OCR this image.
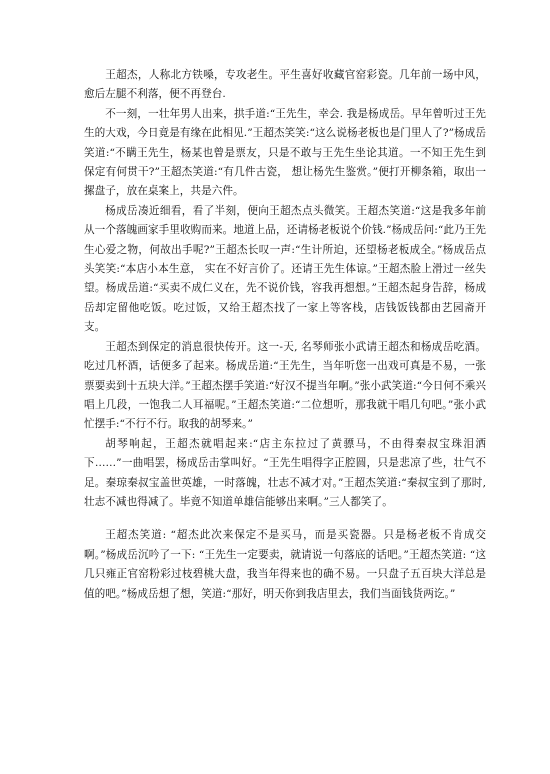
王超杰，人称北方铁嗓，专攻老生。平生喜好收藏官窑彩瓷。几年前一场中风，愈后左腿不利落，便不再登台.

不一刻，一壮年男人出来，拱手道:“王先生，幸会. 我是杨成岳。早年曾听过王先生的大戏，今日竟是有缘在此相见.”王超杰笑笑:“这么说杨老板也是门里人了?”杨成岳笑道:“不瞒王先生，杨某也曾是票友，只是不敢与王先生坐论其道。一不知王先生到保定有何贯干?”王超杰笑道:“有几件古瓷， 想让杨先生鉴赏。”便打开柳条箱，取出一摞盘子，放在桌案上，共是六件。

杨成岳凑近细看，看了半刻，便向王超杰点头微笑。王超杰笑道:“这是我多年前从一个落魄画家手里收购而来。地道上品，还请杨老板说个价钱.”杨成岳问:“此乃王先生心爱之物，何故出手呢?”王超杰长叹一声:“生计所迫，还望杨老板成全。”杨成岳点头笑笑:“本店小本生意， 实在不好言价了。还请王先生体谅。”王超杰脸上滑过一丝失望。杨成岳道:“买卖不成仁义在，先不说价钱，容我再想想。”王超杰起身告辞，杨成岳却定留他吃饭。吃过饭，又给王超杰找了一家上等客栈，店钱饭钱都由艺园斋开支。

王超杰到保定的消息很快传开。这一-天, 名琴师张小武请王超杰和杨成岳吃酒。吃过几杯酒，话便多了起来。杨成岳道:“王先生，当年听您一出戏可真是不易，一张票要卖到十五块大洋。”王超杰摆手笑道:“好汉不提当年啊。”张小武笑道:“今日何不乘兴唱上几段，一饱我二人耳福呢。”王超杰笑道:“二位想听，那我就干唱几句吧。”张小武忙摆手:“不行不行。取我的胡琴来。”

胡琴响起，王超杰就唱起来:“店主东拉过了黄骠马，不由得秦叔宝珠泪洒下……”一曲唱罢，杨成岳击掌叫好。“王先生唱得字正腔圆，只是悲凉了些，壮气不足。秦琼秦叔宝盖世英雄，一时落魄，壮志不减才对。”王超杰笑道:“秦叔宝到了那时,壮志不减也得减了。毕竟不知道单雄信能够出来啊。”三人都笑了。

王超杰笑道: “超杰此次来保定不是买马，而是买瓷器。只是杨老板不肯成交啊。”杨成岳沉吟了一下: “王先生一定要卖，就请说一句落底的话吧。”王超杰笑道: “这几只雍正官窑粉彩过枝碧桃大盘，我当年得来也的确不易。一只盘子五百块大洋总是值的吧。”杨成岳想了想，笑道:“那好，明天你到我店里去，我们当面钱货两讫。”
